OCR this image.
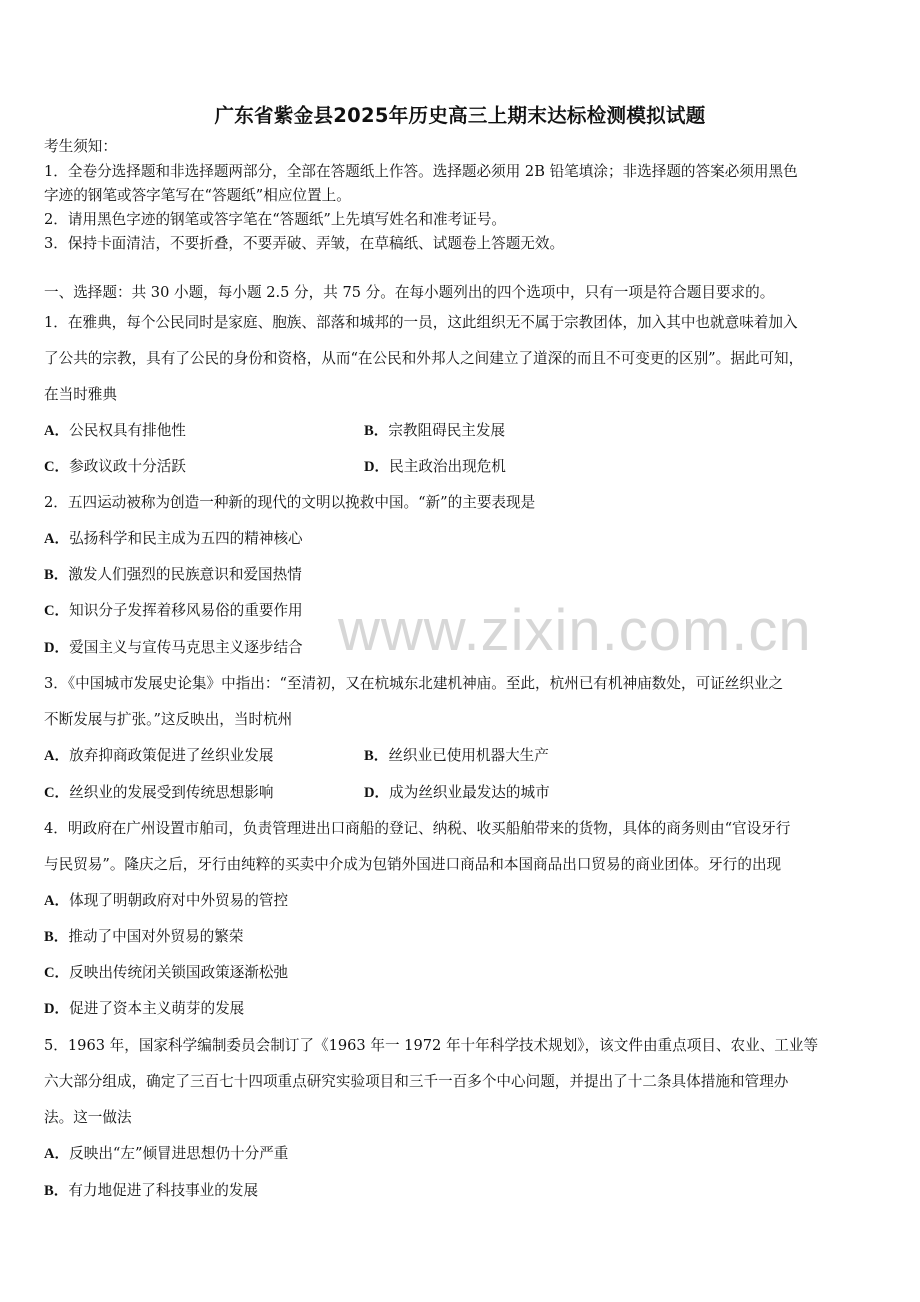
广东省紫金县2025年历史高三上期末达标检测模拟试题
考生须知：
1．全卷分选择题和非选择题两部分，全部在答题纸上作答。选择题必须用 2B 铅笔填涂；非选择题的答案必须用黑色
字迹的钢笔或答字笔写在“答题纸”相应位置上。
2．请用黑色字迹的钢笔或答字笔在“答题纸”上先填写姓名和准考证号。
3．保持卡面清洁，不要折叠，不要弄破、弄皱，在草稿纸、试题卷上答题无效。
一、选择题：共 30 小题，每小题 2.5 分，共 75 分。在每小题列出的四个选项中，只有一项是符合题目要求的。
1．在雅典，每个公民同时是家庭、胞族、部落和城邦的一员，这此组织无不属于宗教团体，加入其中也就意味着加入
了公共的宗教，具有了公民的身份和资格，从而“在公民和外邦人之间建立了道深的而且不可变更的区别”。据此可知，
在当时雅典
A．公民权具有排他性	B．宗教阻碍民主发展
C．参政议政十分活跃	D．民主政治出现危机
2．五四运动被称为创造一种新的现代的文明以挽救中国。“新”的主要表现是
A．弘扬科学和民主成为五四的精神核心
B．激发人们强烈的民族意识和爱国热情
C．知识分子发挥着移风易俗的重要作用
D．爱国主义与宣传马克思主义逐步结合
3．《中国城市发展史论集》中指出：“至清初，又在杭城东北建机神庙。至此，杭州已有机神庙数处，可证丝织业之
不断发展与扩张。”这反映出，当时杭州
A．放弃抑商政策促进了丝织业发展	B．丝织业已使用机器大生产
C．丝织业的发展受到传统思想影响	D．成为丝织业最发达的城市
4．明政府在广州设置市舶司，负责管理进出口商船的登记、纳税、收买船舶带来的货物，具体的商务则由“官设牙行
与民贸易”。隆庆之后，牙行由纯粹的买卖中介成为包销外国进口商品和本国商品出口贸易的商业团体。牙行的出现
A．体现了明朝政府对中外贸易的管控
B．推动了中国对外贸易的繁荣
C．反映出传统闭关锁国政策逐渐松弛
D．促进了资本主义萌芽的发展
5．1963 年，国家科学编制委员会制订了《1963 年一 1972 年十年科学技术规划》，该文件由重点项目、农业、工业等
六大部分组成，确定了三百七十四项重点研究实验项目和三千一百多个中心问题，并提出了十二条具体措施和管理办
法。这一做法
A．反映出“左”倾冒进思想仍十分严重
B．有力地促进了科技事业的发展
www.zixin.com.cn
